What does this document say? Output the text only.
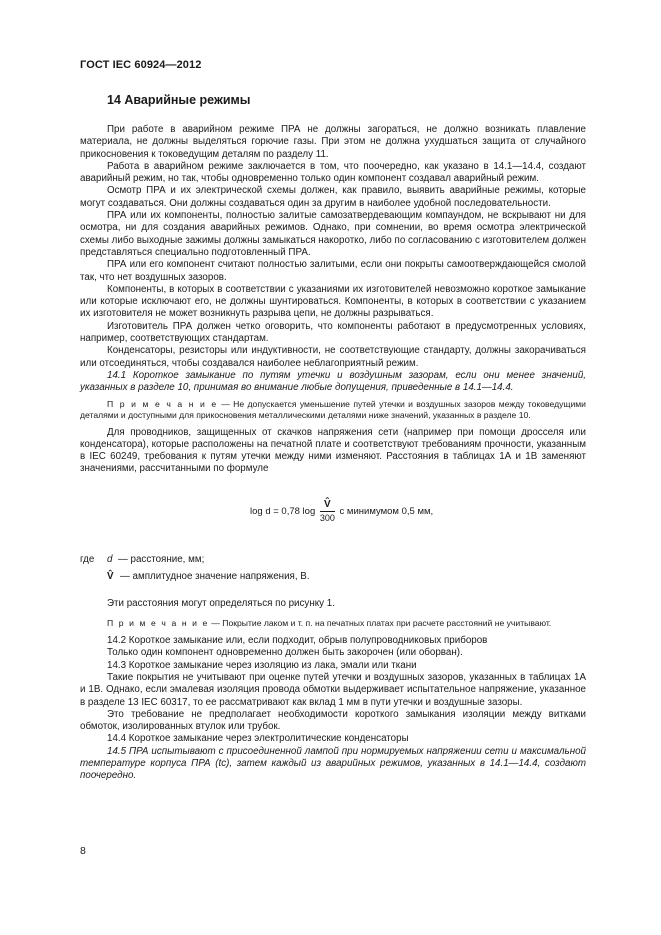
ГОСТ IEC 60924—2012
14 Аварийные режимы

При работе в аварийном режиме ПРА не должны загораться, не должно возникать плавление материала, не должны выделяться горючие газы. При этом не должна ухудшаться защита от случайного прикосновения к токоведущим деталям по разделу 11.

Работа в аварийном режиме заключается в том, что поочередно, как указано в 14.1—14.4, создают аварийный режим, но так, чтобы одновременно только один компонент создавал аварийный режим.

Осмотр ПРА и их электрической схемы должен, как правило, выявить аварийные режимы, которые могут создаваться. Они должны создаваться один за другим в наиболее удобной последовательности.

ПРА или их компоненты, полностью залитые самозатвердевающим компаундом, не вскрывают ни для осмотра, ни для создания аварийных режимов. Однако, при сомнении, во время осмотра электрической схемы либо выходные зажимы должны замыкаться накоротко, либо по согласованию с изготовителем должен представляться специально подготовленный ПРА.

ПРА или его компонент считают полностью залитыми, если они покрыты самоотверждающейся смолой так, что нет воздушных зазоров.

Компоненты, в которых в соответствии с указаниями их изготовителей невозможно короткое замыкание или которые исключают его, не должны шунтироваться. Компоненты, в которых в соответствии с указанием их изготовителя не может возникнуть разрыва цепи, не должны разрываться.

Изготовитель ПРА должен четко оговорить, что компоненты работают в предусмотренных условиях, например, соответствующих стандартам.

Конденсаторы, резисторы или индуктивности, не соответствующие стандарту, должны закорачиваться или отсоединяться, чтобы создавался наиболее неблагоприятный режим.

14.1 Короткое замыкание по путям утечки и воздушным зазорам, если они менее значений, указанных в разделе 10, принимая во внимание любые допущения, приведенные в 14.1—14.4.

П р и м е ч а н и е — Не допускается уменьшение путей утечки и воздушных зазоров между токоведущими деталями и доступными для прикосновения металлическими деталями ниже значений, указанных в разделе 10.

Для проводников, защищенных от скачков напряжения сети (например при помощи дросселя или конденсатора), которые расположены на печатной плате и соответствуют требованиям прочности, указанным в IEC 60249, требования к путям утечки между ними изменяют. Расстояния в таблицах 1А и 1В заменяют значениями, рассчитанными по формуле

log d = 0,78 $\log \frac{V̂}{300}$ с минимумом 0,5 мм,
где d — расстояние, мм;
V̂ — амплитудное значение напряжения, В.

Эти расстояния могут определяться по рисунку 1.

П р и м е ч а н и е — Покрытие лаком и т. п. на печатных платах при расчете расстояний не учитывают.

14.2 Короткое замыкание или, если подходит, обрыв полупроводниковых приборов

Только один компонент одновременно должен быть закорочен (или оборван).

14.3 Короткое замыкание через изоляцию из лака, эмали или ткани

Такие покрытия не учитывают при оценке путей утечки и воздушных зазоров, указанных в таблицах 1А и 1В. Однако, если эмалевая изоляция провода обмотки выдерживает испытательное напряжение, указанное в разделе 13 IEC 60317, то ее рассматривают как вклад 1 мм в пути утечки и воздушные зазоры.

Это требование не предполагает необходимости короткого замыкания изоляции между витками обмоток, изолированных втулок или трубок.

14.4 Короткое замыкание через электролитические конденсаторы

14.5 ПРА испытывают с присоединенной лампой при нормируемых напряжении сети и максимальной температуре корпуса ПРА (tc), затем каждый из аварийных режимов, указанных в 14.1—14.4, создают поочередно.

8
